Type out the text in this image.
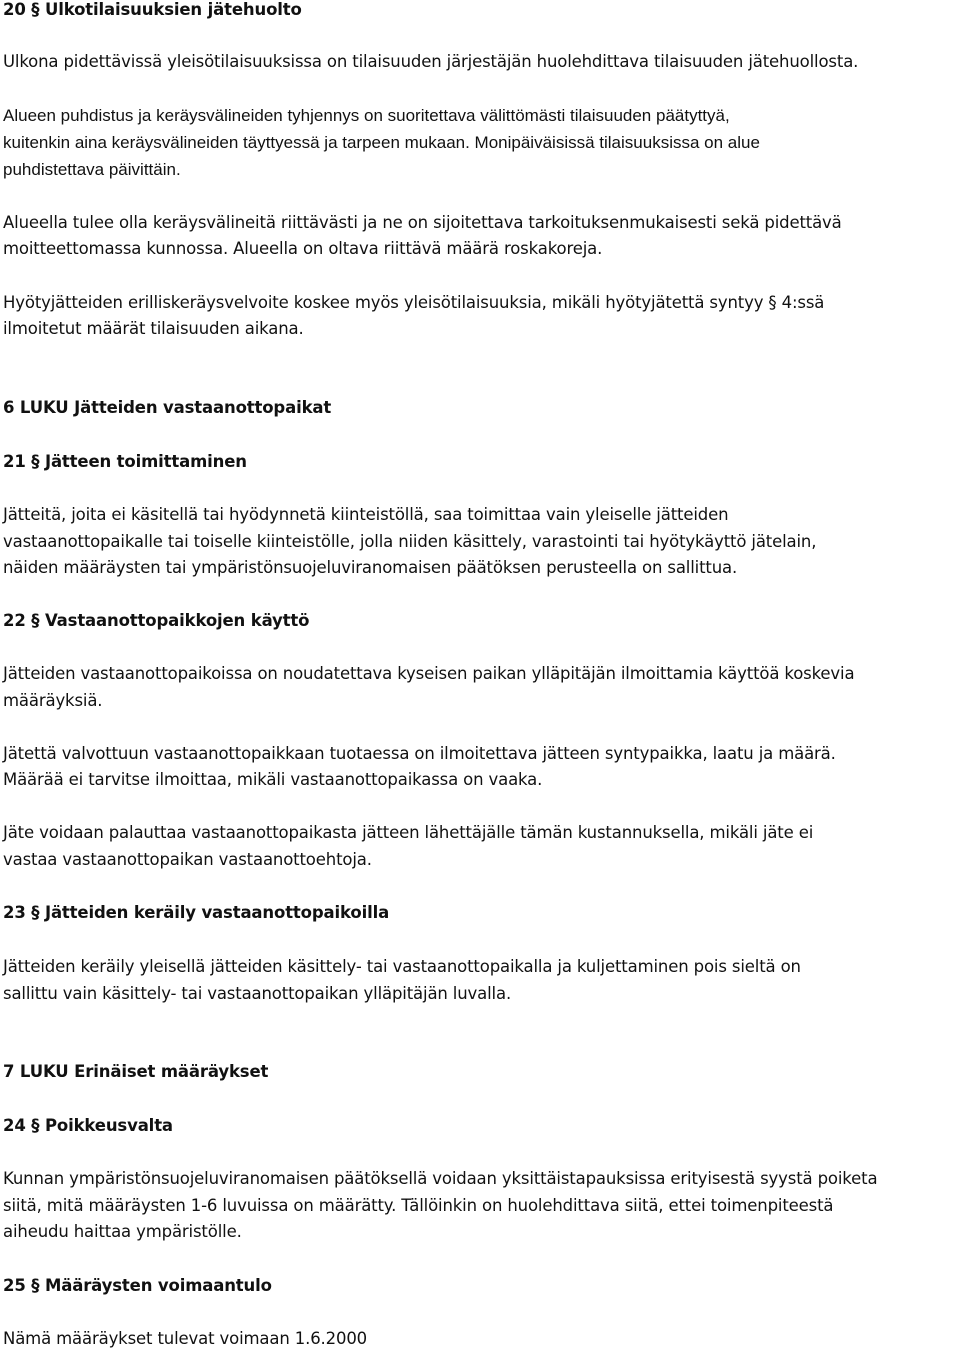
20 § Ulkotilaisuuksien jätehuolto
Ulkona pidettävissä yleisötilaisuuksissa on tilaisuuden järjestäjän huolehdittava tilaisuuden jätehuollosta.
Alueen puhdistus ja keräysvälineiden tyhjennys on suoritettava välittömästi tilaisuuden päätyttyä,
kuitenkin aina keräysvälineiden täyttyessä ja tarpeen mukaan. Monipäiväisissä tilaisuuksissa on alue
puhdistettava päivittäin.
Alueella tulee olla keräysvälineitä riittävästi ja ne on sijoitettava tarkoituksenmukaisesti sekä pidettävä
moitteettomassa kunnossa. Alueella on oltava riittävä määrä roskakoreja.
Hyötyjätteiden erilliskeräysvelvoite koskee myös yleisötilaisuuksia, mikäli hyötyjätettä syntyy § 4:ssä
ilmoitetut määrät tilaisuuden aikana.
6 LUKU Jätteiden vastaanottopaikat
21 § Jätteen toimittaminen
Jätteitä, joita ei käsitellä tai hyödynnetä kiinteistöllä, saa toimittaa vain yleiselle jätteiden
vastaanottopaikalle tai toiselle kiinteistölle, jolla niiden käsittely, varastointi tai hyötykäyttö jätelain,
näiden määräysten tai ympäristönsuojeluviranomaisen päätöksen perusteella on sallittua.
22 § Vastaanottopaikkojen käyttö
Jätteiden vastaanottopaikoissa on noudatettava kyseisen paikan ylläpitäjän ilmoittamia käyttöä koskevia
määräyksiä.
Jätettä valvottuun vastaanottopaikkaan tuotaessa on ilmoitettava jätteen syntypaikka, laatu ja määrä.
Määrää ei tarvitse ilmoittaa, mikäli vastaanottopaikassa on vaaka.
Jäte voidaan palauttaa vastaanottopaikasta jätteen lähettäjälle tämän kustannuksella, mikäli jäte ei
vastaa vastaanottopaikan vastaanottoehtoja.
23 § Jätteiden keräily vastaanottopaikoilla
Jätteiden keräily yleisellä jätteiden käsittely- tai vastaanottopaikalla ja kuljettaminen pois sieltä on
sallittu vain käsittely- tai vastaanottopaikan ylläpitäjän luvalla.
7 LUKU Erinäiset määräykset
24 § Poikkeusvalta
Kunnan ympäristönsuojeluviranomaisen päätöksellä voidaan yksittäistapauksissa erityisestä syystä poiketa
siitä, mitä määräysten 1-6 luvuissa on määrätty. Tällöinkin on huolehdittava siitä, ettei toimenpiteestä
aiheudu haittaa ympäristölle.
25 § Määräysten voimaantulo
Nämä määräykset tulevat voimaan 1.6.2000
